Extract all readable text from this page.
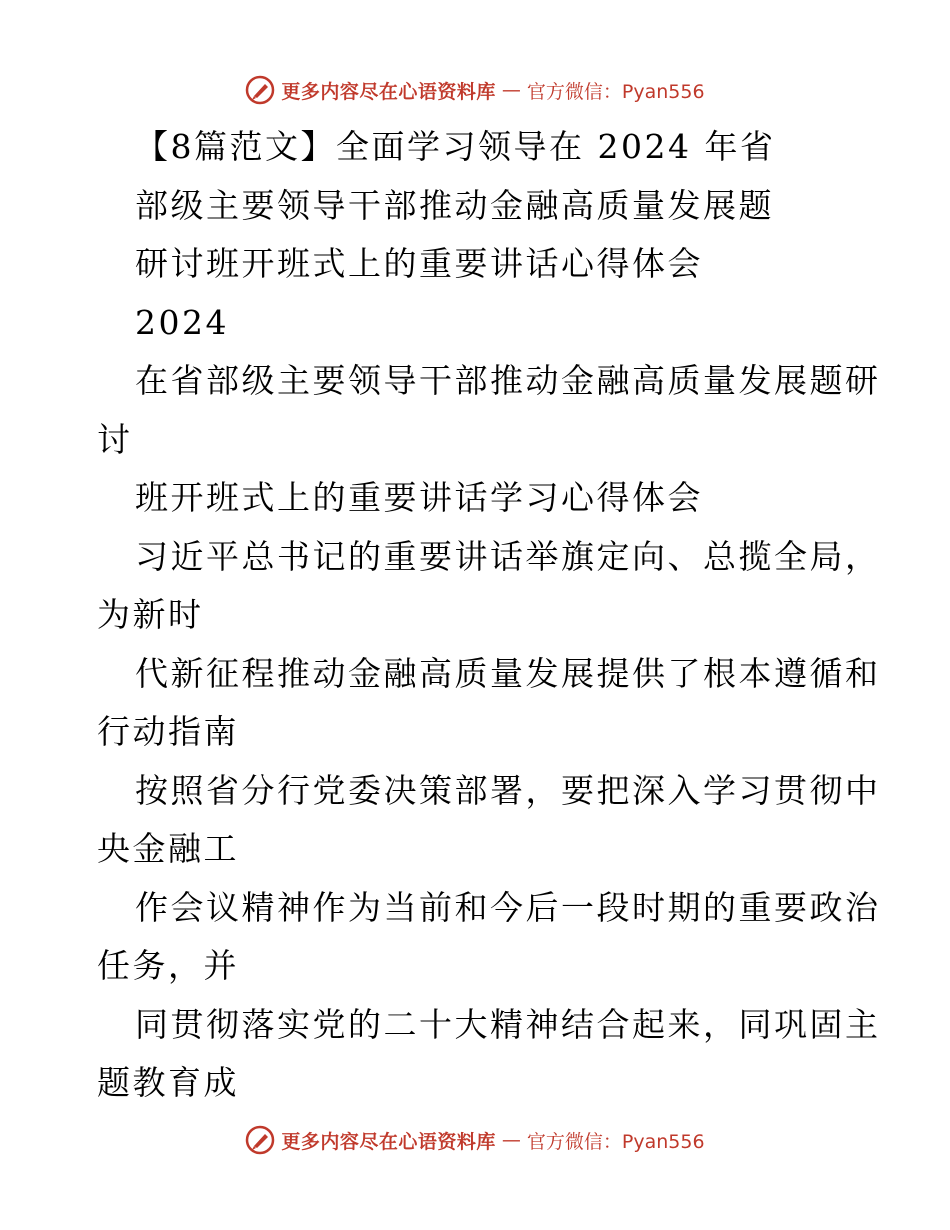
更多内容尽在心语资料库 — 官方微信：Pyan556
【8篇范文】全面学习领导在 2024 年省
部级主要领导干部推动金融高质量发展题
研讨班开班式上的重要讲话心得体会
2024
在省部级主要领导干部推动金融高质量发展题研
讨
班开班式上的重要讲话学习心得体会
习近平总书记的重要讲话举旗定向、总揽全局，
为新时
代新征程推动金融高质量发展提供了根本遵循和
行动指南
按照省分行党委决策部署，要把深入学习贯彻中
央金融工
作会议精神作为当前和今后一段时期的重要政治
任务，并
同贯彻落实党的二十大精神结合起来，同巩固主
题教育成
更多内容尽在心语资料库 — 官方微信：Pyan556
